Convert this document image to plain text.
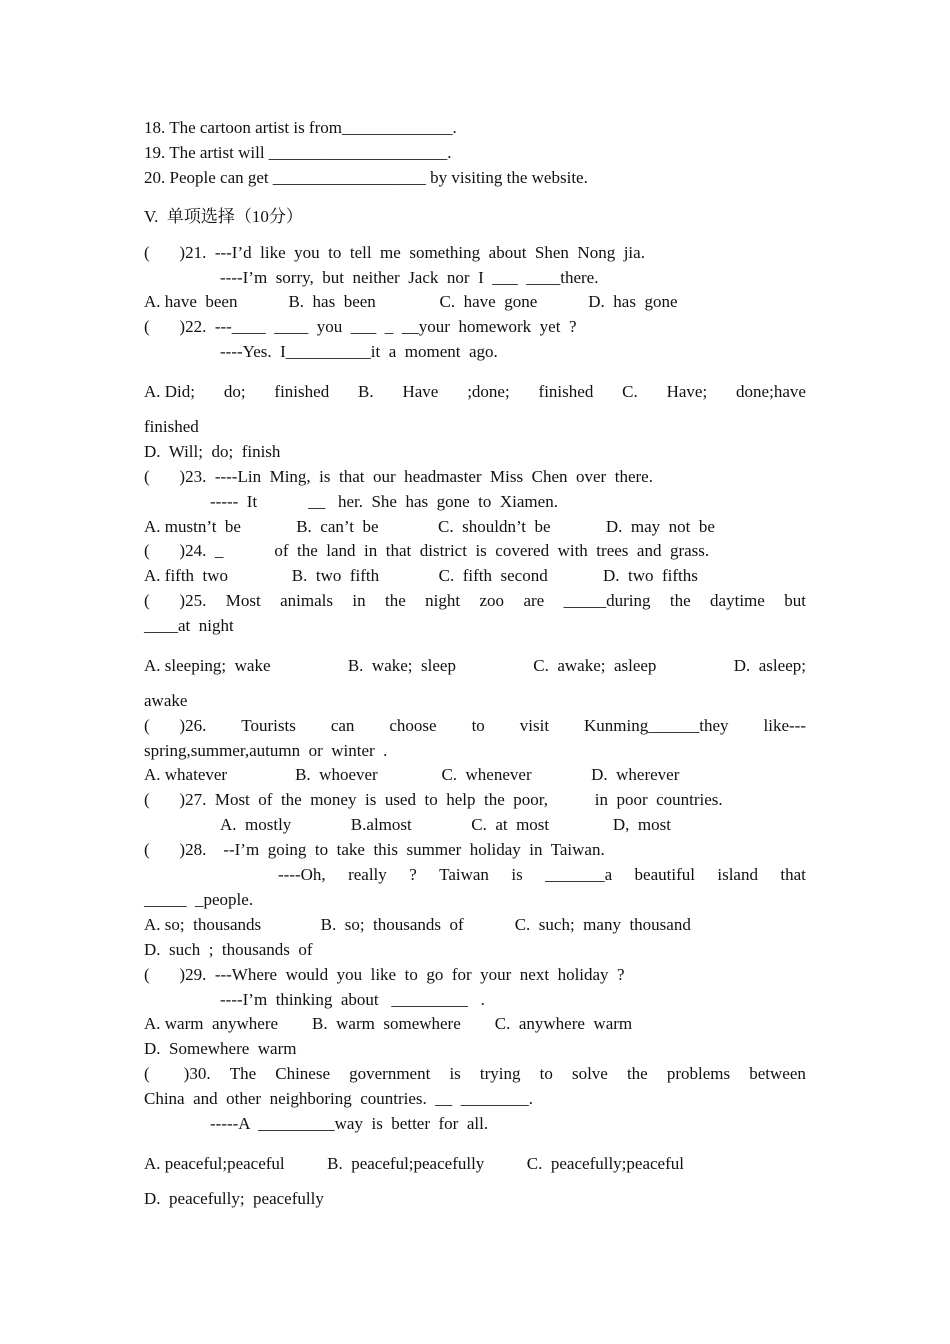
18. The cartoon artist is from_____________.
19. The artist will _____________________.
20. People can get __________________ by visiting the website.
V.  单项选择（10分）
(       )21.  ---I’d  like  you  to  tell  me  something  about  Shen  Nong  jia.
----I’m  sorry,  but  neither  Jack  nor  I  ___  ____there.
A. have  been            B.  has  been               C.  have  gone            D.  has  gone
(       )22.  ---____  ____  you  ___  _  __your  homework  yet  ?
----Yes.  I__________it  a  moment  ago.
A. Did; do; finished B. Have ;done; finished C. Have; done;have
finished
D.  Will;  do;  finish
(       )23.  ----Lin  Ming,  is  that  our  headmaster  Miss  Chen  over  there.
-----  It            __   her.  She  has  gone  to  Xiamen.
A. mustn’t  be             B.  can’t  be              C.  shouldn’t  be             D.  may  not  be
(       )24.  _            of  the  land  in  that  district  is  covered  with  trees  and  grass.
A. fifth  two               B.  two  fifth              C.  fifth  second             D.  two  fifths
(       )25. Most animals in the night zoo are _____during the daytime but
____at  night
A. sleeping;  wake	B.  wake;  sleep	C.  awake;  asleep	D.  asleep;
awake
(       )26. Tourists can choose to visit Kunming______they like---
spring,summer,autumn  or  winter  .
A. whatever                B.  whoever               C.  whenever              D.  wherever
(       )27.  Most  of  the  money  is  used  to  help  the  poor,           in  poor  countries.
A.  mostly              B.almost              C.  at  most               D,  most
(       )28.    --I’m  going  to  take  this  summer  holiday  in  Taiwan.
----Oh, really ? Taiwan is _______a beautiful island that
_____  _people.
A. so;  thousands              B.  so;  thousands  of            C.  such;  many  thousand
D.  such  ;  thousands  of
(       )29.  ---Where  would  you  like  to  go  for  your  next  holiday  ?
----I’m  thinking  about   _________   .
A. warm  anywhere        B.  warm  somewhere        C.  anywhere  warm
D.  Somewhere  warm
(        )30. The Chinese government is trying to solve the problems between
China  and  other  neighboring  countries.  __  ________.
-----A  _________way  is  better  for  all.
A. peaceful;peaceful          B.  peaceful;peacefully          C.  peacefully;peaceful
D.  peacefully;  peacefully
